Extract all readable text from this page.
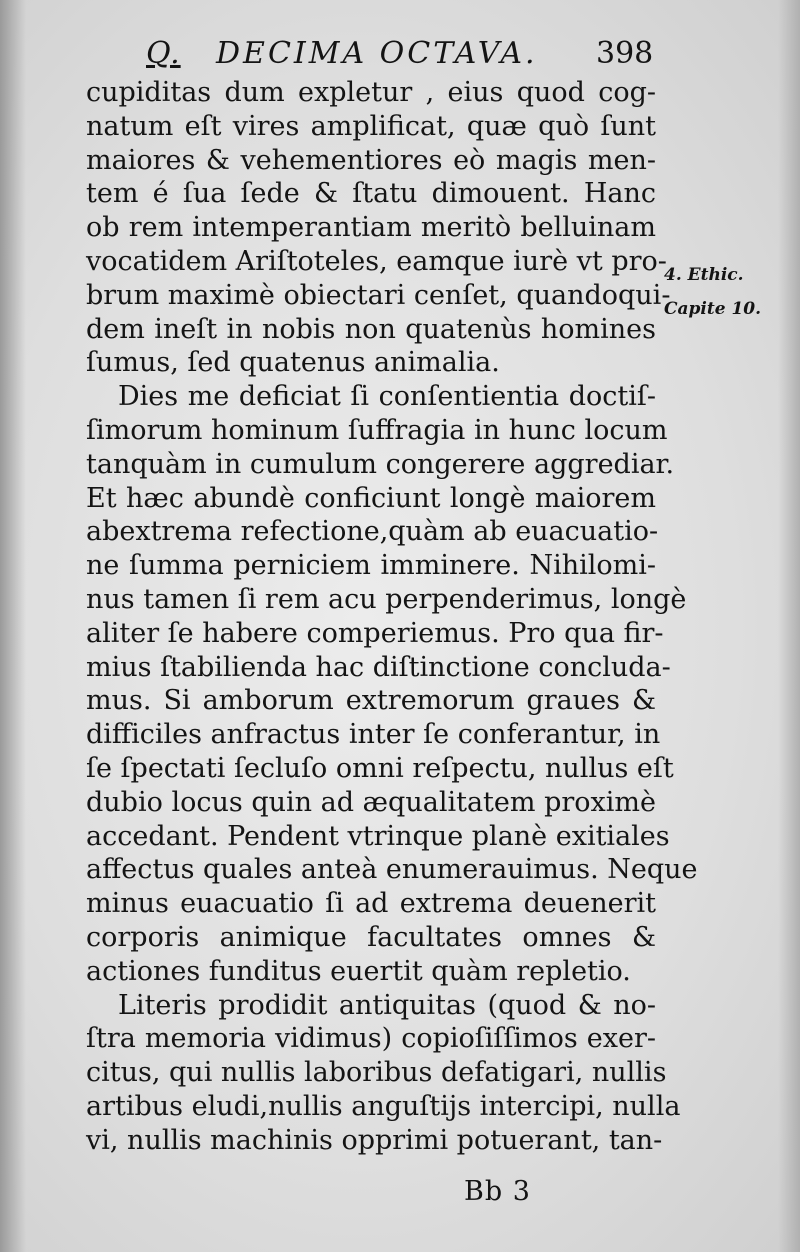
Q. DECIMA OCTAVA. 398
cupiditas dum expletur , eius quod cog-
natum eſt vires amplificat, quæ quò ſunt
maiores & vehementiores eò magis men-
tem é ſua ſede & ſtatu dimouent. Hanc
ob rem intemperantiam meritò belluinam
vocatidem Ariſtoteles, eamque iurè vt pro-
brum maximè obiectari cenſet, quandoqui-
dem ineſt in nobis non quatenùs homines
ſumus, ſed quatenus animalia.
Dies me deficiat ſi conſentientia doctiſ-
ſimorum hominum ſuffragia in hunc locum
tanquàm in cumulum congerere aggrediar.
Et hæc abundè conficiunt longè maiorem
abextrema refectione,quàm ab euacuatio-
ne ſumma perniciem imminere. Nihilomi-
nus tamen ſi rem acu perpenderimus, longè
aliter ſe habere comperiemus. Pro qua fir-
mius ſtabilienda hac diſtinctione concluda-
mus. Si amborum extremorum graues &
difficiles anfractus inter ſe conferantur, in
ſe ſpectati ſecluſo omni reſpectu, nullus eſt
dubio locus quin ad æqualitatem proximè
accedant. Pendent vtrinque planè exitiales
affectus quales anteà enumerauimus. Neque
minus euacuatio ſi ad extrema deuenerit
corporis animique facultates omnes &
actiones funditus euertit quàm repletio.
Literis prodidit antiquitas (quod & no-
ſtra memoria vidimus) copioſiſſimos exer-
citus, qui nullis laboribus defatigari, nullis
artibus eludi,nullis anguſtijs intercipi, nulla
vi, nullis machinis opprimi potuerant, tan-
4. Ethic.
Capite 10.
Bb 3
